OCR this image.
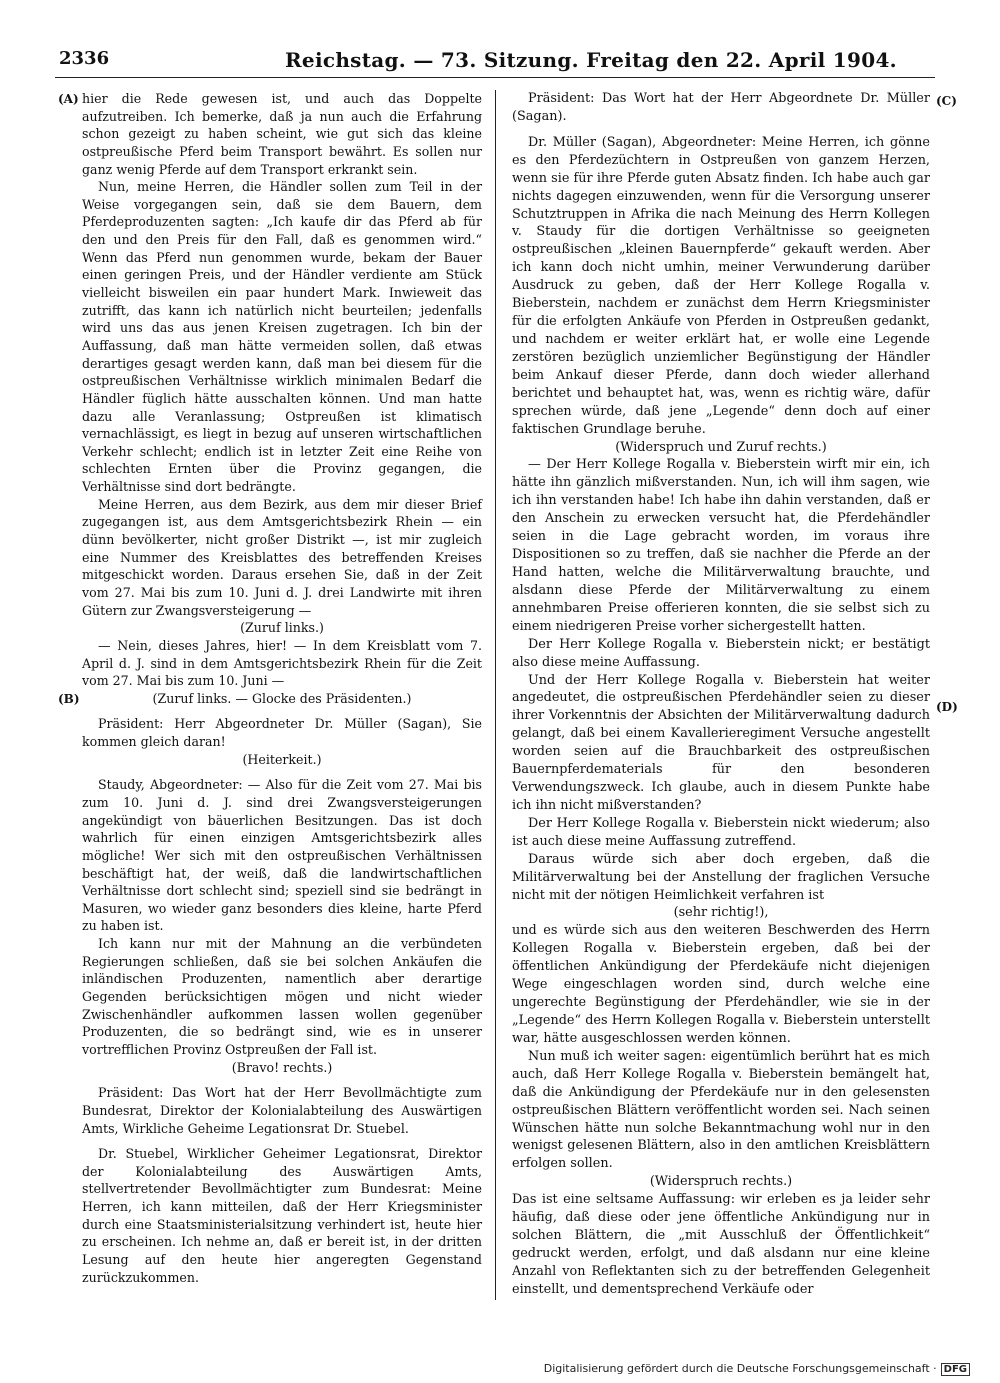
2336	Reichstag. — 73. Sitzung. Freitag den 22. April 1904.
(A)
(B)
(C)
(D)

hier die Rede gewesen ist, und auch das Doppelte aufzutreiben. Ich bemerke, daß ja nun auch die Erfahrung schon gezeigt zu haben scheint, wie gut sich das kleine ostpreußische Pferd beim Transport bewährt. Es sollen nur ganz wenig Pferde auf dem Transport erkrankt sein.

Nun, meine Herren, die Händler sollen zum Teil in der Weise vorgegangen sein, daß sie dem Bauern, dem Pferdeproduzenten sagten: „Ich kaufe dir das Pferd ab für den und den Preis für den Fall, daß es genommen wird.“ Wenn das Pferd nun genommen wurde, bekam der Bauer einen geringen Preis, und der Händler verdiente am Stück vielleicht bisweilen ein paar hundert Mark. Inwieweit das zutrifft, das kann ich natürlich nicht beurteilen; jedenfalls wird uns das aus jenen Kreisen zugetragen. Ich bin der Auffassung, daß man hätte vermeiden sollen, daß etwas derartiges gesagt werden kann, daß man bei diesem für die ostpreußischen Verhältnisse wirklich minimalen Bedarf die Händler füglich hätte ausschalten können. Und man hatte dazu alle Veranlassung; Ostpreußen ist klimatisch vernachlässigt, es liegt in bezug auf unseren wirtschaftlichen Verkehr schlecht; endlich ist in letzter Zeit eine Reihe von schlechten Ernten über die Provinz gegangen, die Verhältnisse sind dort bedrängte.

Meine Herren, aus dem Bezirk, aus dem mir dieser Brief zugegangen ist, aus dem Amtsgerichtsbezirk Rhein — ein dünn bevölkerter, nicht großer Distrikt —, ist mir zugleich eine Nummer des Kreisblattes des betreffenden Kreises mitgeschickt worden. Daraus ersehen Sie, daß in der Zeit vom 27. Mai bis zum 10. Juni d. J. drei Landwirte mit ihren Gütern zur Zwangsversteigerung —

(Zuruf links.)

— Nein, dieses Jahres, hier! — In dem Kreisblatt vom 7. April d. J. sind in dem Amtsgerichtsbezirk Rhein für die Zeit vom 27. Mai bis zum 10. Juni —

(Zuruf links. — Glocke des Präsidenten.)

Präsident: Herr Abgeordneter Dr. Müller (Sagan), Sie kommen gleich daran!

(Heiterkeit.)

Staudy, Abgeordneter: — Also für die Zeit vom 27. Mai bis zum 10. Juni d. J. sind drei Zwangsversteigerungen angekündigt von bäuerlichen Besitzungen. Das ist doch wahrlich für einen einzigen Amtsgerichtsbezirk alles mögliche! Wer sich mit den ostpreußischen Verhältnissen beschäftigt hat, der weiß, daß die landwirtschaftlichen Verhältnisse dort schlecht sind; speziell sind sie bedrängt in Masuren, wo wieder ganz besonders dies kleine, harte Pferd zu haben ist.

Ich kann nur mit der Mahnung an die verbündeten Regierungen schließen, daß sie bei solchen Ankäufen die inländischen Produzenten, namentlich aber derartige Gegenden berücksichtigen mögen und nicht wieder Zwischenhändler aufkommen lassen wollen gegenüber Produzenten, die so bedrängt sind, wie es in unserer vortrefflichen Provinz Ostpreußen der Fall ist.

(Bravo! rechts.)

Präsident: Das Wort hat der Herr Bevollmächtigte zum Bundesrat, Direktor der Kolonialabteilung des Auswärtigen Amts, Wirkliche Geheime Legationsrat Dr. Stuebel.

Dr. Stuebel, Wirklicher Geheimer Legationsrat, Direktor der Kolonialabteilung des Auswärtigen Amts, stellvertretender Bevollmächtigter zum Bundesrat: Meine Herren, ich kann mitteilen, daß der Herr Kriegsminister durch eine Staatsministerialsitzung verhindert ist, heute hier zu erscheinen. Ich nehme an, daß er bereit ist, in der dritten Lesung auf den heute hier angeregten Gegenstand zurückzukommen.

Präsident: Das Wort hat der Herr Abgeordnete Dr. Müller (Sagan).

Dr. Müller (Sagan), Abgeordneter: Meine Herren, ich gönne es den Pferdezüchtern in Ostpreußen von ganzem Herzen, wenn sie für ihre Pferde guten Absatz finden. Ich habe auch gar nichts dagegen einzuwenden, wenn für die Versorgung unserer Schutztruppen in Afrika die nach Meinung des Herrn Kollegen v. Staudy für die dortigen Verhältnisse so geeigneten ostpreußischen „kleinen Bauernpferde“ gekauft werden. Aber ich kann doch nicht umhin, meiner Verwunderung darüber Ausdruck zu geben, daß der Herr Kollege Rogalla v. Bieberstein, nachdem er zunächst dem Herrn Kriegsminister für die erfolgten Ankäufe von Pferden in Ostpreußen gedankt, und nachdem er weiter erklärt hat, er wolle eine Legende zerstören bezüglich unziemlicher Begünstigung der Händler beim Ankauf dieser Pferde, dann doch wieder allerhand berichtet und behauptet hat, was, wenn es richtig wäre, dafür sprechen würde, daß jene „Legende“ denn doch auf einer faktischen Grundlage beruhe.

(Widerspruch und Zuruf rechts.)

— Der Herr Kollege Rogalla v. Bieberstein wirft mir ein, ich hätte ihn gänzlich mißverstanden. Nun, ich will ihm sagen, wie ich ihn verstanden habe! Ich habe ihn dahin verstanden, daß er den Anschein zu erwecken versucht hat, die Pferdehändler seien in die Lage gebracht worden, im voraus ihre Dispositionen so zu treffen, daß sie nachher die Pferde an der Hand hatten, welche die Militärverwaltung brauchte, und alsdann diese Pferde der Militärverwaltung zu einem annehmbaren Preise offerieren konnten, die sie selbst sich zu einem niedrigeren Preise vorher sichergestellt hatten.

Der Herr Kollege Rogalla v. Bieberstein nickt; er bestätigt also diese meine Auffassung.

Und der Herr Kollege Rogalla v. Bieberstein hat weiter angedeutet, die ostpreußischen Pferdehändler seien zu dieser ihrer Vorkenntnis der Absichten der Militärverwaltung dadurch gelangt, daß bei einem Kavallerieregiment Versuche angestellt worden seien auf die Brauchbarkeit des ostpreußischen Bauernpferdematerials für den besonderen Verwendungszweck. Ich glaube, auch in diesem Punkte habe ich ihn nicht mißverstanden?

Der Herr Kollege Rogalla v. Bieberstein nickt wiederum; also ist auch diese meine Auffassung zutreffend.

Daraus würde sich aber doch ergeben, daß die Militärverwaltung bei der Anstellung der fraglichen Versuche nicht mit der nötigen Heimlichkeit verfahren ist

(sehr richtig!),

und es würde sich aus den weiteren Beschwerden des Herrn Kollegen Rogalla v. Bieberstein ergeben, daß bei der öffentlichen Ankündigung der Pferdekäufe nicht diejenigen Wege eingeschlagen worden sind, durch welche eine ungerechte Begünstigung der Pferdehändler, wie sie in der „Legende“ des Herrn Kollegen Rogalla v. Bieberstein unterstellt war, hätte ausgeschlossen werden können.

Nun muß ich weiter sagen: eigentümlich berührt hat es mich auch, daß Herr Kollege Rogalla v. Bieberstein bemängelt hat, daß die Ankündigung der Pferdekäufe nur in den gelesensten ostpreußischen Blättern veröffentlicht worden sei. Nach seinen Wünschen hätte nun solche Bekanntmachung wohl nur in den wenigst gelesenen Blättern, also in den amtlichen Kreisblättern erfolgen sollen.

(Widerspruch rechts.)

Das ist eine seltsame Auffassung: wir erleben es ja leider sehr häufig, daß diese oder jene öffentliche Ankündigung nur in solchen Blättern, die „mit Ausschluß der Öffentlichkeit“ gedruckt werden, erfolgt, und daß alsdann nur eine kleine Anzahl von Reflektanten sich zu der betreffenden Gelegenheit einstellt, und dementsprechend Verkäufe oder

Digitalisierung gefördert durch die Deutsche Forschungsgemeinschaft · DFG
